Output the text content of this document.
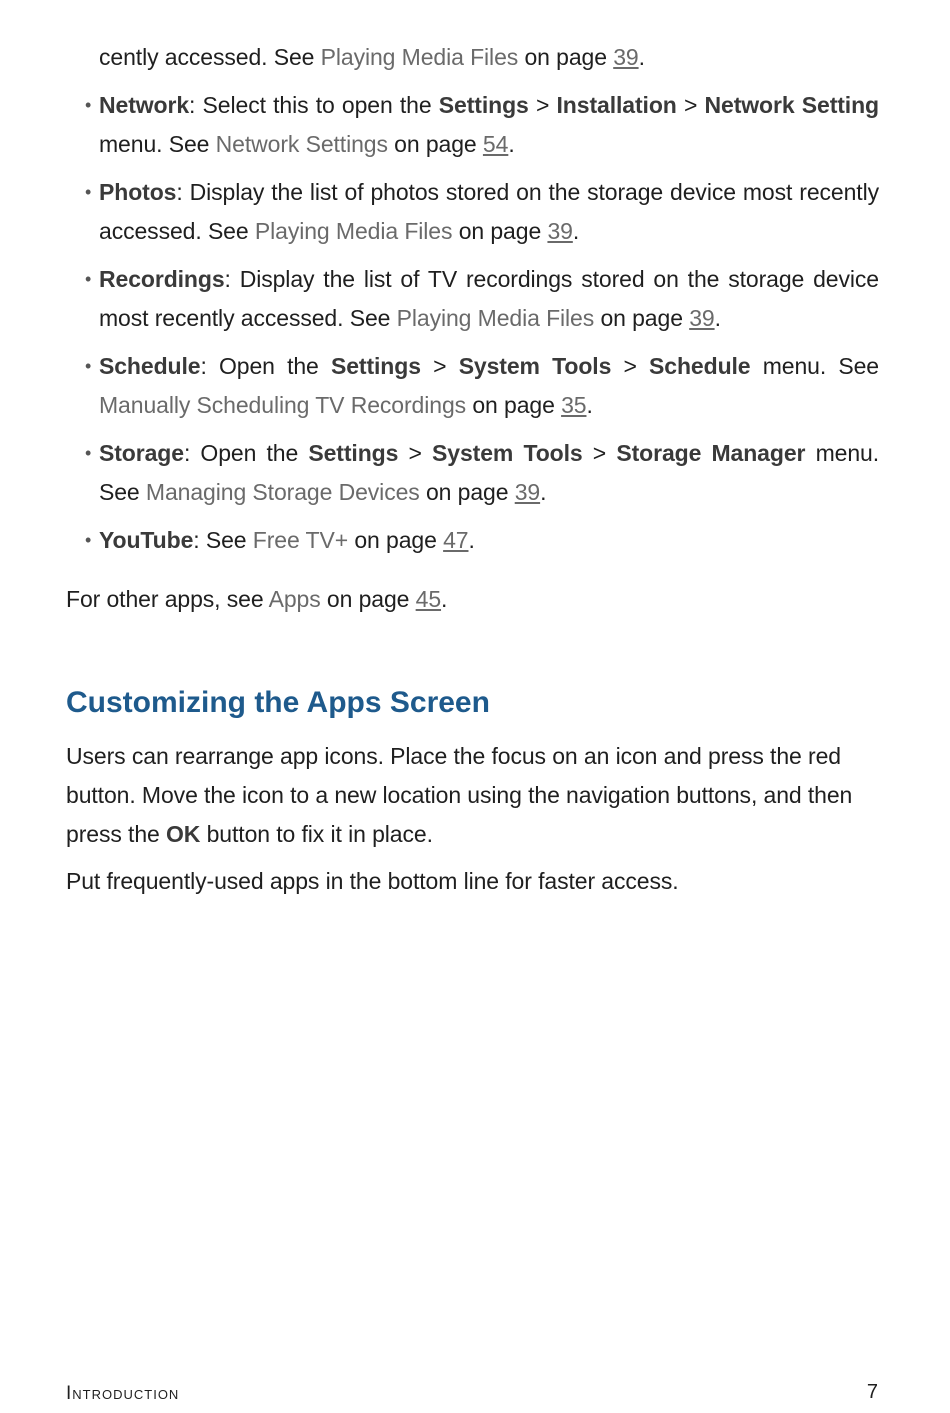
cently accessed. See Playing Media Files on page 39.
• Network: Select this to open the Settings > Installation > Network Setting menu. See Network Settings on page 54.
• Photos: Display the list of photos stored on the storage device most recently accessed. See Playing Media Files on page 39.
• Recordings: Display the list of TV recordings stored on the storage device most recently accessed. See Playing Media Files on page 39.
• Schedule: Open the Settings > System Tools > Schedule menu. See Manually Scheduling TV Recordings on page 35.
• Storage: Open the Settings > System Tools > Storage Manager menu. See Managing Storage Devices on page 39.
• YouTube: See Free TV+ on page 47.
For other apps, see Apps on page 45.
Customizing the Apps Screen
Users can rearrange app icons. Place the focus on an icon and press the red button. Move the icon to a new location using the navigation buttons, and then press the OK button to fix it in place.
Put frequently-used apps in the bottom line for faster access.
Introduction	7
